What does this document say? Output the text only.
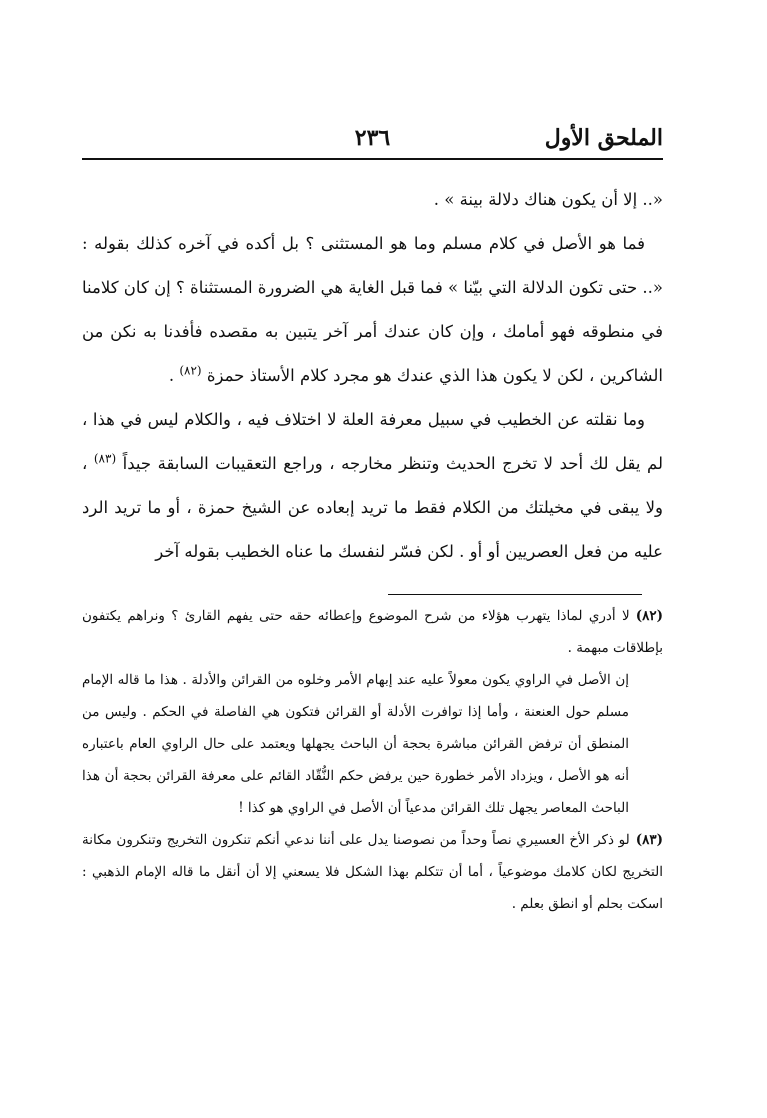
الملحق الأول
٢٣٦

«.. إلا أن يكون هناك دلالة بينة » .

فما هو الأصل في كلام مسلم وما هو المستثنى ؟ بل أكده في آخره كذلك بقوله : «.. حتى تكون الدلالة التي بيّنا » فما قبل الغاية هي الضرورة المستثناة ؟ إن كان كلامنا في منطوقه فهو أمامك ، وإن كان عندك أمر آخر يتبين به مقصده فأفدنا به نكن من الشاكرين ، لكن لا يكون هذا الذي عندك هو مجرد كلام الأستاذ حمزة $^{(٨٢)}$ .

وما نقلته عن الخطيب في سبيل معرفة العلة لا اختلاف فيه ، والكلام ليس في هذا ، لم يقل لك أحد لا تخرج الحديث وتنظر مخارجه ، وراجع التعقيبات السابقة جيداً $^{(٨٣)}$ ، ولا يبقى في مخيلتك من الكلام فقط ما تريد إبعاده عن الشيخ حمزة ، أو ما تريد الرد عليه من فعل العصريين أو أو . لكن فسّر لنفسك ما عناه الخطيب بقوله آخر

(٨٢)لا أدري لماذا يتهرب هؤلاء من شرح الموضوع وإعطائه حقه حتى يفهم القارئ ؟ ونراهم يكتفون بإطلاقات مبهمة .

إن الأصل في الراوي يكون معولاً عليه عند إبهام الأمر وخلوه من القرائن والأدلة . هذا ما قاله الإمام مسلم حول العنعنة ، وأما إذا توافرت الأدلة أو القرائن فتكون هي الفاصلة في الحكم . وليس من المنطق أن ترفض القرائن مباشرة بحجة أن الباحث يجهلها ويعتمد على حال الراوي العام باعتباره أنه هو الأصل ، ويزداد الأمر خطورة حين يرفض حكم النُّقّاد القائم على معرفة القرائن بحجة أن هذا الباحث المعاصر يجهل تلك القرائن مدعياً أن الأصل في الراوي هو كذا !

(٨٣)لو ذكر الأخ العسيري نصاً وحداً من نصوصنا يدل على أننا ندعي أنكم تنكرون التخريج وتنكرون مكانة التخريج لكان كلامك موضوعياً ، أما أن تتكلم بهذا الشكل فلا يسعني إلا أن أنقل ما قاله الإمام الذهبي : اسكت بحلم أو انطق بعلم .
